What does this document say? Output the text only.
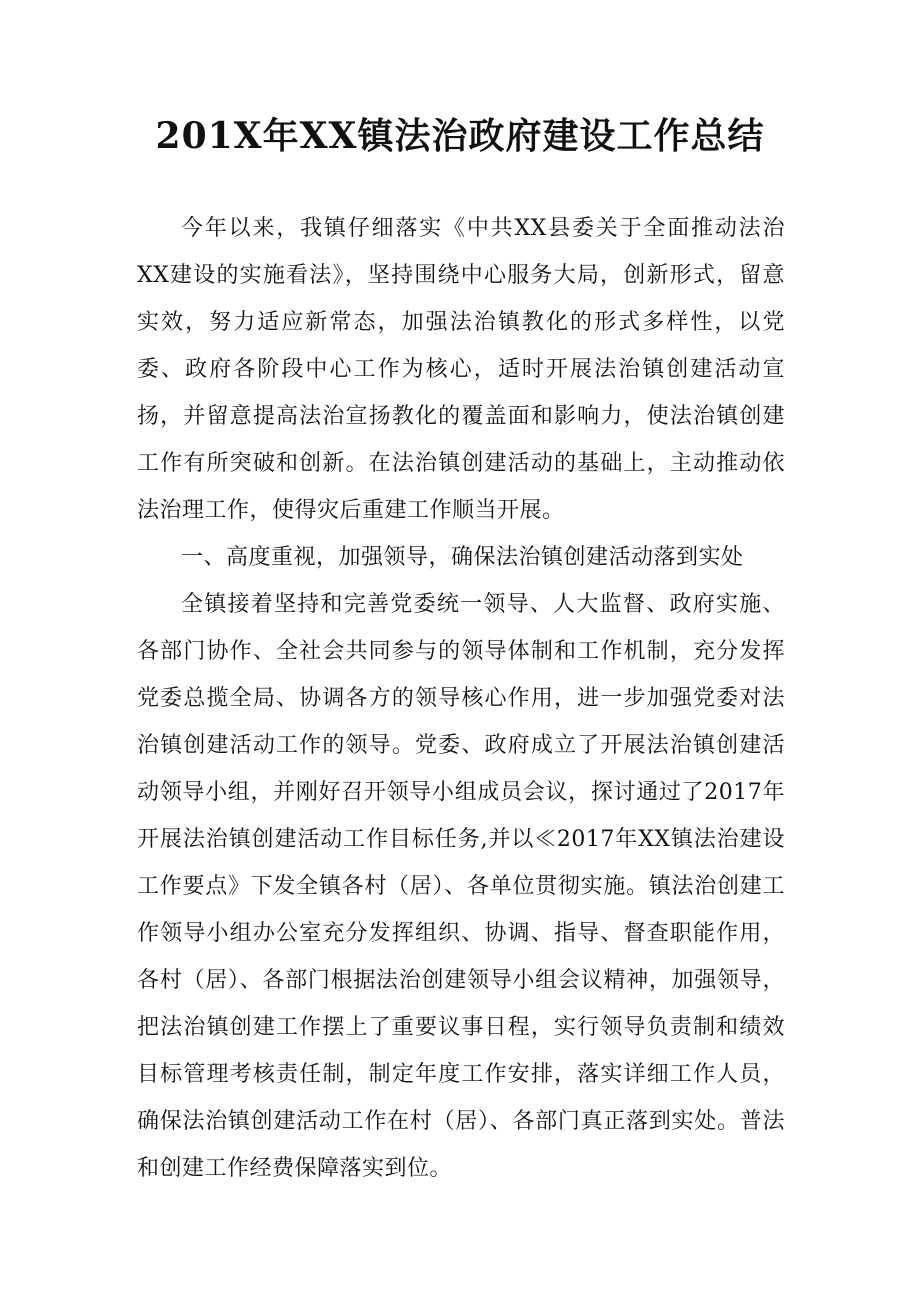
201X年XX镇法治政府建设工作总结

今年以来，我镇仔细落实《中共XX县委关于全面推动法治XX建设的实施看法》，坚持围绕中心服务大局，创新形式，留意实效，努力适应新常态，加强法治镇教化的形式多样性，以党委、政府各阶段中心工作为核心，适时开展法治镇创建活动宣扬，并留意提高法治宣扬教化的覆盖面和影响力，使法治镇创建工作有所突破和创新。在法治镇创建活动的基础上，主动推动依法治理工作，使得灾后重建工作顺当开展。

一、高度重视，加强领导，确保法治镇创建活动落到实处

全镇接着坚持和完善党委统一领导、人大监督、政府实施、各部门协作、全社会共同参与的领导体制和工作机制，充分发挥党委总揽全局、协调各方的领导核心作用，进一步加强党委对法治镇创建活动工作的领导。党委、政府成立了开展法治镇创建活动领导小组，并刚好召开领导小组成员会议，探讨通过了2017年开展法治镇创建活动工作目标任务,并以≪2017年XX镇法治建设工作要点》下发全镇各村（居）、各单位贯彻实施。镇法治创建工作领导小组办公室充分发挥组织、协调、指导、督查职能作用，各村（居）、各部门根据法治创建领导小组会议精神，加强领导，把法治镇创建工作摆上了重要议事日程，实行领导负责制和绩效目标管理考核责任制，制定年度工作安排，落实详细工作人员，确保法治镇创建活动工作在村（居）、各部门真正落到实处。普法和创建工作经费保障落实到位。
